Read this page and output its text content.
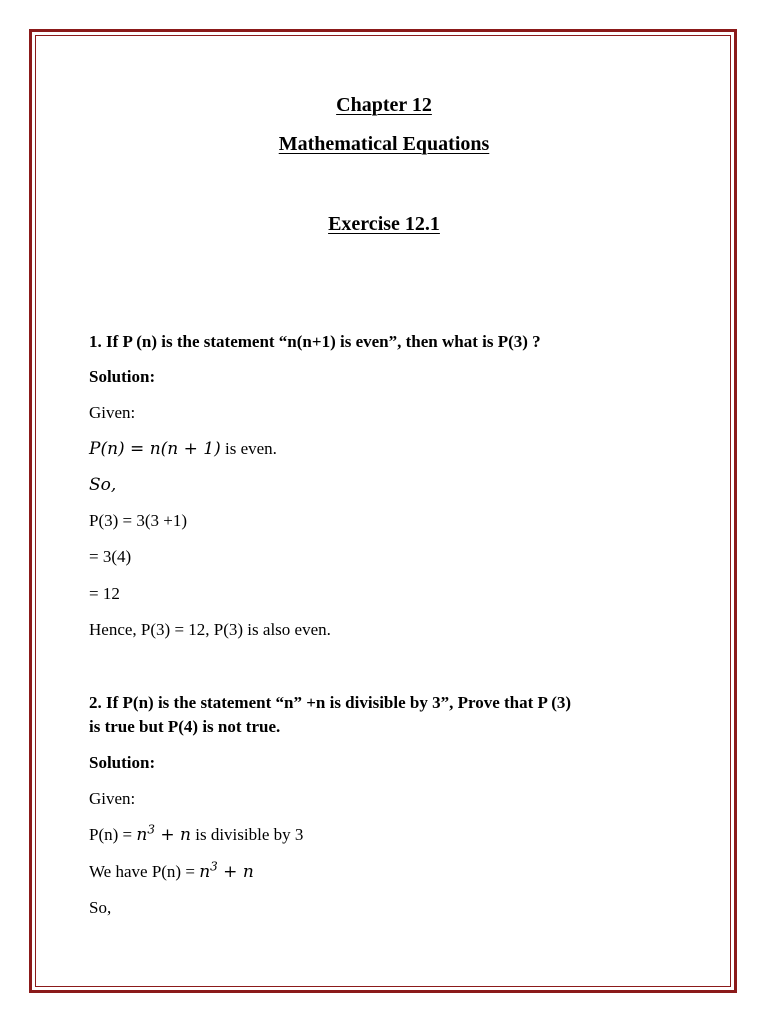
Chapter 12
Mathematical Equations
Exercise 12.1
1. If P (n) is the statement “n(n+1) is even”, then what is P(3) ?
Solution:
Given:
P(n) = n(n + 1) is even.
So,
P(3) = 3(3 +1)
= 3(4)
= 12
Hence, P(3) = 12, P(3) is also even.
2. If P(n) is the statement “n” +n is divisible by 3”, Prove that P (3)
is true but P(4) is not true.
Solution:
Given:
$P(n) = n^3 + n$ is divisible by 3
We have $P(n) = n^3 + n$
So,
